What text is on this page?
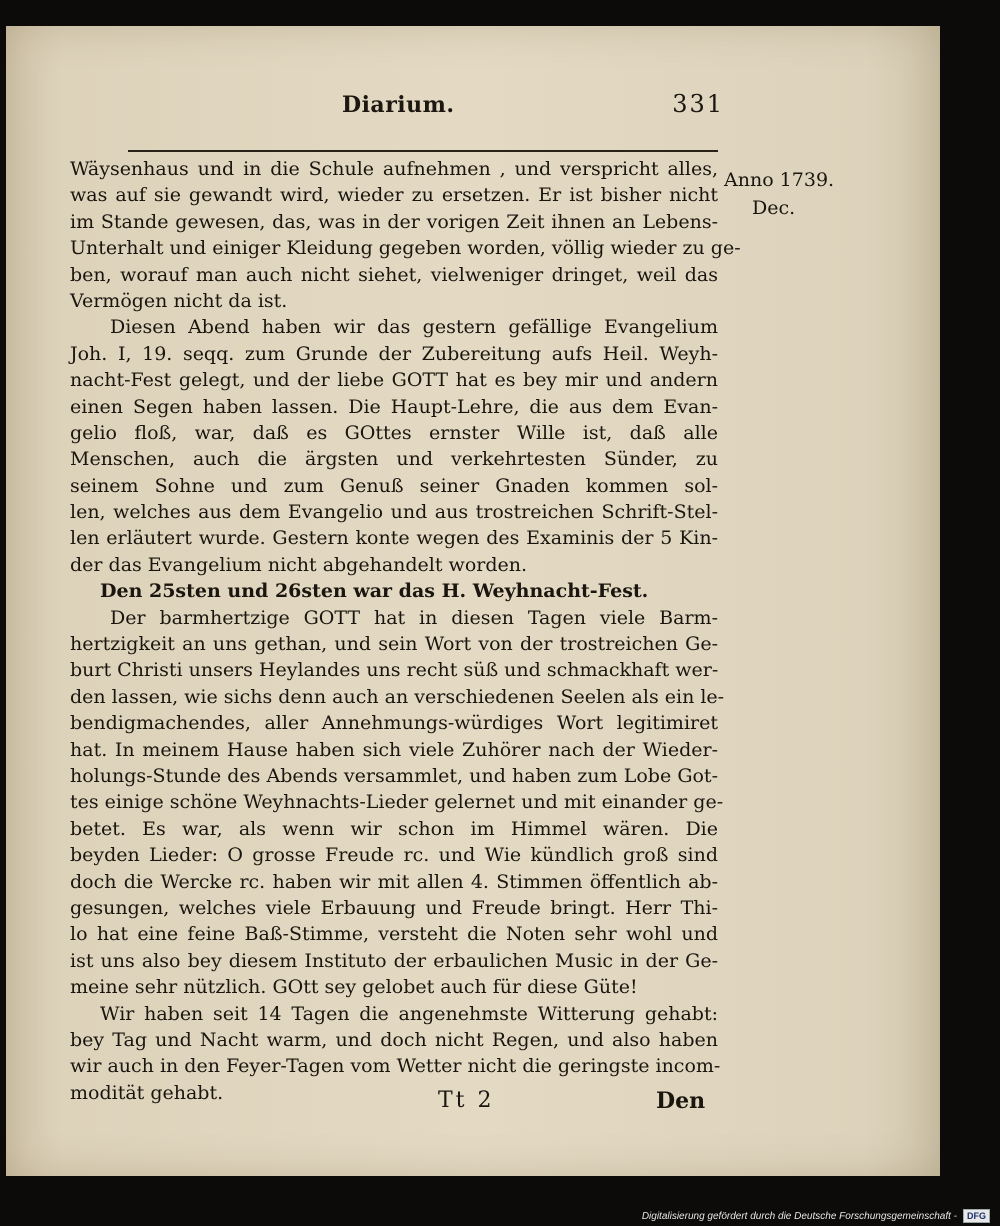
Diarium.	331
Wäysenhaus und in die Schule aufnehmen , und verspricht alles,
was auf sie gewandt wird, wieder zu ersetzen. Er ist bisher nicht
im Stande gewesen, das, was in der vorigen Zeit ihnen an Lebens-
Unterhalt und einiger Kleidung gegeben worden, völlig wieder zu ge-
ben, worauf man auch nicht siehet, vielweniger dringet, weil das
Vermögen nicht da ist.
Diesen Abend haben wir das gestern gefällige Evangelium
Joh. I, 19. seqq. zum Grunde der Zubereitung aufs Heil. Weyh-
nacht-Fest gelegt, und der liebe GOTT hat es bey mir und andern
einen Segen haben lassen. Die Haupt-Lehre, die aus dem Evan-
gelio floß, war, daß es GOttes ernster Wille ist, daß alle
Menschen, auch die ärgsten und verkehrtesten Sünder, zu
seinem Sohne und zum Genuß seiner Gnaden kommen sol-
len, welches aus dem Evangelio und aus trostreichen Schrift-Stel-
len erläutert wurde. Gestern konte wegen des Examinis der 5 Kin-
der das Evangelium nicht abgehandelt worden.
Den 25sten und 26sten war das H. Weyhnacht-Fest.
Der barmhertzige GOTT hat in diesen Tagen viele Barm-
hertzigkeit an uns gethan, und sein Wort von der trostreichen Ge-
burt Christi unsers Heylandes uns recht süß und schmackhaft wer-
den lassen, wie sichs denn auch an verschiedenen Seelen als ein le-
bendigmachendes, aller Annehmungs-würdiges Wort legitimiret
hat. In meinem Hause haben sich viele Zuhörer nach der Wieder-
holungs-Stunde des Abends versammlet, und haben zum Lobe Got-
tes einige schöne Weyhnachts-Lieder gelernet und mit einander ge-
betet. Es war, als wenn wir schon im Himmel wären. Die
beyden Lieder: O grosse Freude rc. und Wie kündlich groß sind
doch die Wercke rc. haben wir mit allen 4. Stimmen öffentlich ab-
gesungen, welches viele Erbauung und Freude bringt. Herr Thi-
lo hat eine feine Baß-Stimme, versteht die Noten sehr wohl und
ist uns also bey diesem Instituto der erbaulichen Music in der Ge-
meine sehr nützlich. GOtt sey gelobet auch für diese Güte!
Wir haben seit 14 Tagen die angenehmste Witterung gehabt:
bey Tag und Nacht warm, und doch nicht Regen, und also haben
wir auch in den Feyer-Tagen vom Wetter nicht die geringste incom-
modität gehabt.
Anno 1739.
Dec.
Tt 2	Den
Digitalisierung gefördert durch die Deutsche Forschungsgemeinschaft -	DFG
